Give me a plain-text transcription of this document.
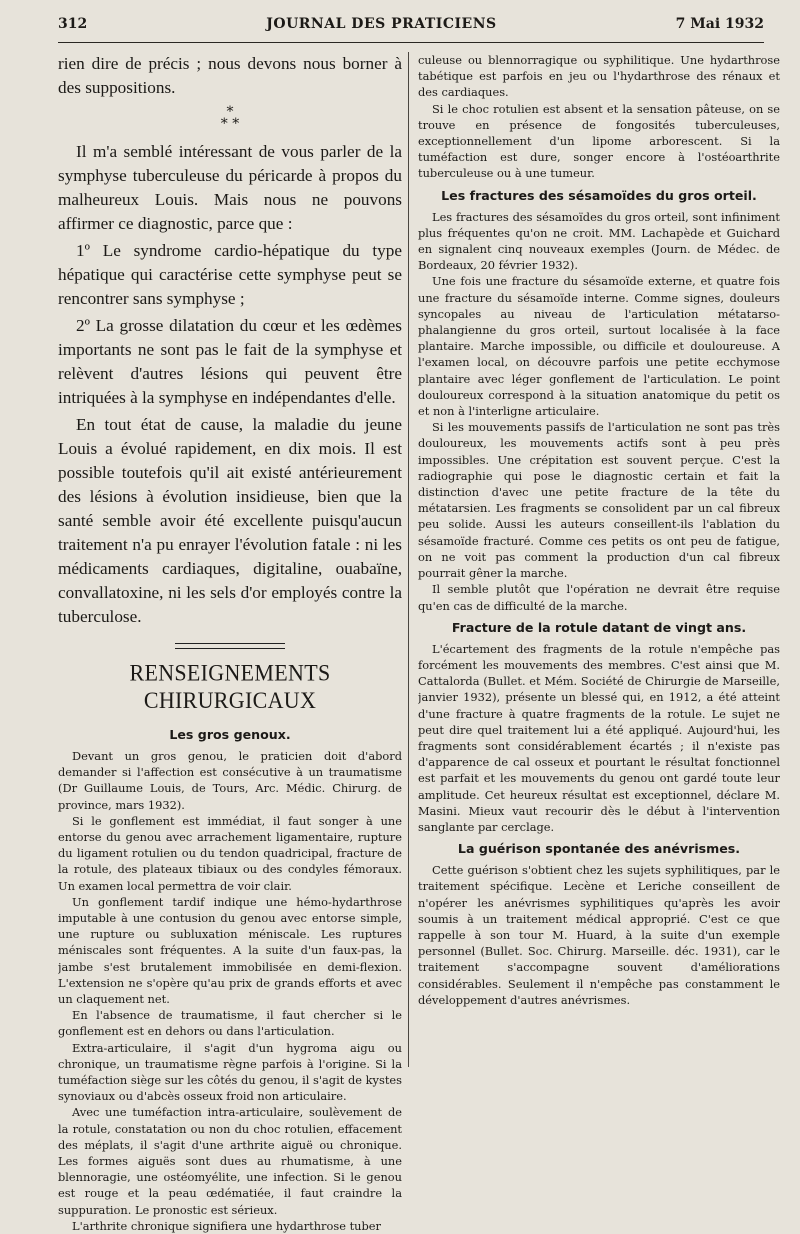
312	JOURNAL DES PRATICIENS	7 Mai 1932

rien dire de précis ; nous devons nous borner à des suppositions.

*
* *

Il m'a semblé intéressant de vous parler de la symphyse tuberculeuse du péricarde à propos du malheureux Louis. Mais nous ne pouvons affirmer ce diagnostic, parce que :

1º Le syndrome cardio-hépatique du type hépatique qui caractérise cette symphyse peut se rencontrer sans symphyse ;

2º La grosse dilatation du cœur et les œdèmes importants ne sont pas le fait de la symphyse et relèvent d'autres lésions qui peuvent être intriquées à la symphyse en indépendantes d'elle.

En tout état de cause, la maladie du jeune Louis a évolué rapidement, en dix mois. Il est possible toutefois qu'il ait existé antérieurement des lésions à évolution insidieuse, bien que la santé semble avoir été excellente puisqu'aucun traitement n'a pu enrayer l'évolution fatale : ni les médicaments cardiaques, digitaline, ouabaïne, convallatoxine, ni les sels d'or employés contre la tuberculose.

RENSEIGNEMENTS CHIRURGICAUX
Les gros genoux.

Devant un gros genou, le praticien doit d'abord demander si l'affection est consécutive à un traumatisme (Dr Guillaume Louis, de Tours, Arc. Médic. Chirurg. de province, mars 1932).

Si le gonflement est immédiat, il faut songer à une entorse du genou avec arrachement ligamentaire, rupture du ligament rotulien ou du tendon quadricipal, fracture de la rotule, des plateaux tibiaux ou des condyles fémoraux. Un examen local permettra de voir clair.

Un gonflement tardif indique une hémo-hydarthrose imputable à une contusion du genou avec entorse simple, une rupture ou subluxation méniscale. Les ruptures méniscales sont fréquentes. A la suite d'un faux-pas, la jambe s'est brutalement immobilisée en demi-flexion. L'extension ne s'opère qu'au prix de grands efforts et avec un claquement net.

En l'absence de traumatisme, il faut chercher si le gonflement est en dehors ou dans l'articulation.

Extra-articulaire, il s'agit d'un hygroma aigu ou chronique, un traumatisme règne parfois à l'origine. Si la tuméfaction siège sur les côtés du genou, il s'agit de kystes synoviaux ou d'abcès osseux froid non articulaire.

Avec une tuméfaction intra-articulaire, soulèvement de la rotule, constatation ou non du choc rotulien, effacement des méplats, il s'agit d'une arthrite aiguë ou chronique. Les formes aiguës sont dues au rhumatisme, à une blennoragie, une ostéomyélite, une infection. Si le genou est rouge et la peau œdématiée, il faut craindre la suppuration. Le pronostic est sérieux.

L'arthrite chronique signifiera une hydarthrose tuber

culeuse ou blennorragique ou syphilitique. Une hydarthrose tabétique est parfois en jeu ou l'hydarthrose des rénaux et des cardiaques.

Si le choc rotulien est absent et la sensation pâteuse, on se trouve en présence de fongosités tuberculeuses, exceptionnellement d'un lipome arborescent. Si la tuméfaction est dure, songer encore à l'ostéoarthrite tuberculeuse ou à une tumeur.

Les fractures des sésamoïdes du gros orteil.

Les fractures des sésamoïdes du gros orteil, sont infiniment plus fréquentes qu'on ne croit. MM. Lachapède et Guichard en signalent cinq nouveaux exemples (Journ. de Médec. de Bordeaux, 20 février 1932).

Une fois une fracture du sésamoïde externe, et quatre fois une fracture du sésamoïde interne. Comme signes, douleurs syncopales au niveau de l'articulation métatarso-phalangienne du gros orteil, surtout localisée à la face plantaire. Marche impossible, ou difficile et douloureuse. A l'examen local, on découvre parfois une petite ecchymose plantaire avec léger gonflement de l'articulation. Le point douloureux correspond à la situation anatomique du petit os et non à l'interligne articulaire.

Si les mouvements passifs de l'articulation ne sont pas très douloureux, les mouvements actifs sont à peu près impossibles. Une crépitation est souvent perçue. C'est la radiographie qui pose le diagnostic certain et fait la distinction d'avec une petite fracture de la tête du métatarsien. Les fragments se consolident par un cal fibreux peu solide. Aussi les auteurs conseillent-ils l'ablation du sésamoïde fracturé. Comme ces petits os ont peu de fatigue, on ne voit pas comment la production d'un cal fibreux pourrait gêner la marche.

Il semble plutôt que l'opération ne devrait être requise qu'en cas de difficulté de la marche.

Fracture de la rotule datant de vingt ans.

L'écartement des fragments de la rotule n'empêche pas forcément les mouvements des membres. C'est ainsi que M. Cattalorda (Bullet. et Mém. Société de Chirurgie de Marseille, janvier 1932), présente un blessé qui, en 1912, a été atteint d'une fracture à quatre fragments de la rotule. Le sujet ne peut dire quel traitement lui a été appliqué. Aujourd'hui, les fragments sont considérablement écartés ; il n'existe pas d'apparence de cal osseux et pourtant le résultat fonctionnel est parfait et les mouvements du genou ont gardé toute leur amplitude. Cet heureux résultat est exceptionnel, déclare M. Masini. Mieux vaut recourir dès le début à l'intervention sanglante par cerclage.

La guérison spontanée des anévrismes.

Cette guérison s'obtient chez les sujets syphilitiques, par le traitement spécifique. Lecène et Leriche conseillent de n'opérer les anévrismes syphilitiques qu'après les avoir soumis à un traitement médical approprié. C'est ce que rappelle à son tour M. Huard, à la suite d'un exemple personnel (Bullet. Soc. Chirurg. Marseille. déc. 1931), car le traitement s'accompagne souvent d'améliorations considérables. Seulement il n'empêche pas constamment le développement d'autres anévrismes.
